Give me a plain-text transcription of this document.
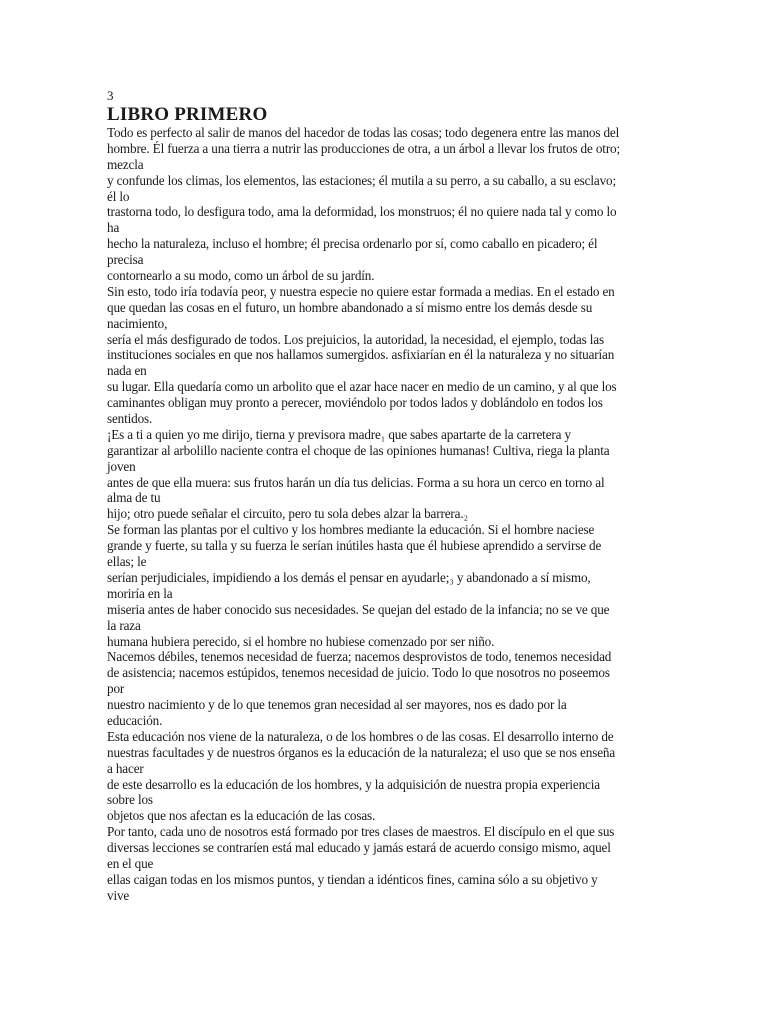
3
LIBRO PRIMERO
Todo es perfecto al salir de manos del hacedor de todas las cosas; todo degenera entre las manos del
hombre. Él fuerza a una tierra a nutrir las producciones de otra, a un árbol a llevar los frutos de otro;
mezcla
y confunde los climas, los elementos, las estaciones; él mutila a su perro, a su caballo, a su esclavo;
él lo
trastorna todo, lo desfigura todo, ama la deformidad, los monstruos; él no quiere nada tal y como lo
ha
hecho la naturaleza, incluso el hombre; él precisa ordenarlo por sí, como caballo en picadero; él
precisa
contornearlo a su modo, como un árbol de su jardín.
Sin esto, todo iría todavía peor, y nuestra especie no quiere estar formada a medias. En el estado en
que quedan las cosas en el futuro, un hombre abandonado a sí mismo entre los demás desde su
nacimiento,
sería el más desfigurado de todos. Los prejuicios, la autoridad, la necesidad, el ejemplo, todas las
instituciones sociales en que nos hallamos sumergidos. asfixiarían en él la naturaleza y no situarían
nada en
su lugar. Ella quedaría como un arbolito que el azar hace nacer en medio de un camino, y al que los
caminantes obligan muy pronto a perecer, moviéndolo por todos lados y doblándolo en todos los
sentidos.
¡Es a ti a quien yo me dirijo, tierna y previsora madre₁ que sabes apartarte de la carretera y
garantizar al arbolillo naciente contra el choque de las opiniones humanas! Cultiva, riega la planta
joven
antes de que ella muera: sus frutos harán un día tus delicias. Forma a su hora un cerco en torno al
alma de tu
hijo; otro puede señalar el circuito, pero tu sola debes alzar la barrera.₂
Se forman las plantas por el cultivo y los hombres mediante la educación. Si el hombre naciese
grande y fuerte, su talla y su fuerza le serían inútiles hasta que él hubiese aprendido a servirse de
ellas; le
serían perjudiciales, impidiendo a los demás el pensar en ayudarle;₃ y abandonado a sí mismo,
moriría en la
miseria antes de haber conocido sus necesidades. Se quejan del estado de la infancia; no se ve que
la raza
humana hubiera perecido, si el hombre no hubiese comenzado por ser niño.
Nacemos débiles, tenemos necesidad de fuerza; nacemos desprovistos de todo, tenemos necesidad
de asistencia; nacemos estúpidos, tenemos necesidad de juicio. Todo lo que nosotros no poseemos
por
nuestro nacimiento y de lo que tenemos gran necesidad al ser mayores, nos es dado por la
educación.
Esta educación nos viene de la naturaleza, o de los hombres o de las cosas. El desarrollo interno de
nuestras facultades y de nuestros órganos es la educación de la naturaleza; el uso que se nos enseña
a hacer
de este desarrollo es la educación de los hombres, y la adquisición de nuestra propia experiencia
sobre los
objetos que nos afectan es la educación de las cosas.
Por tanto, cada uno de nosotros está formado por tres clases de maestros. El discípulo en el que sus
diversas lecciones se contraríen está mal educado y jamás estará de acuerdo consigo mismo, aquel
en el que
ellas caigan todas en los mismos puntos, y tiendan a idénticos fines, camina sólo a su objetivo y
vive
